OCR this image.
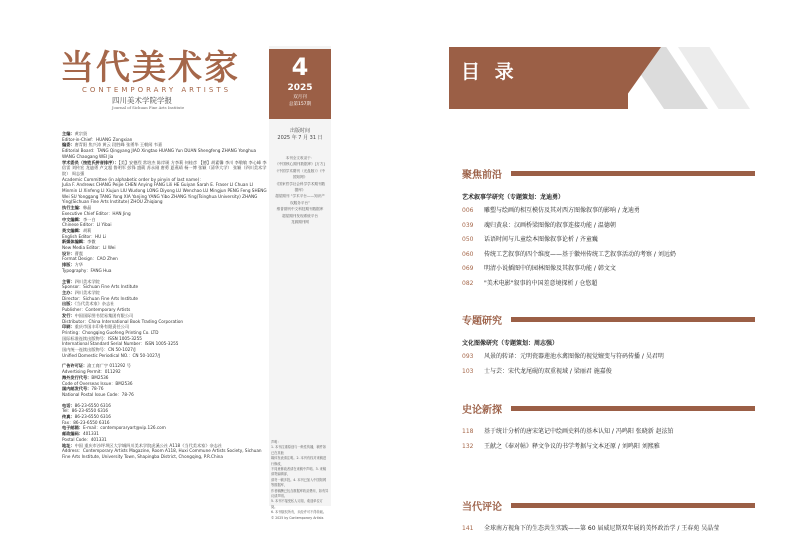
当代美术家
CONTEMPORARY ARTISTS
四川美术学院学报
Journal of Sichuan Fine Arts Institute
主编：黄宗贤
Editor-in-Chief：HUANG Zongxian
编委：唐青阳 焦兴涛 黄云 段胜峰 张勇华 王朝闻 韦嘉
Editorial Board：TANG Qingyang JIAO Xingtao HUANG Yun DUAN Shengfeng ZHANG Yonghua WANG Chaogang WEI Jia
学术委员（按姓氏拼音排序）：【美】安德烈 常培杰 陈岸瑛 方李莉 何桂彦 【德】胡素馨 李川 李敬敏 李心峰 李倍雷 刘传宏 龙迪勇 卢文超 鲁明军 彭锋 盛葳 苏永刚 唐勇 夏燕靖 杨一博 张颖（清华大学） 张颖（四川美术学院） 周志强
Academic Committee (in alphabetic order by pinyin of last name)：
Julia F. Andrews CHANG Peijie CHEN Anying FANG Lili HE Guiyan Sarah E. Fraser LI Chuan LI Minmin LI Xinfeng LI Xiujun LIU Wudong LONG Diyong LU Wenchao LU Mingjun PENG Feng SHENG Wei SU Yonggang TANG Yong XIA Yanjing YANG Yibo ZHANG Ying(Tsinghua University) ZHANG Ying(Sichuan Fine Arts Institute) ZHOU Zhiqiang
执行主编：韩晶
Executive Chief Editor：HAN Jing
中文编辑：李一白
Chinese Editor：LI Yibai
英文编辑：胡莉
English Editor：HU Li
新媒体编辑：李微
New Media Editor：LI Wei
设计：曹震
Format Design：CAO Zhen
排版：方华
Typography：FANG Hua
主管：四川美术学院
Sponsor：Sichuan Fine Arts Institute
主办：四川美术学院
Director：Sichuan Fine Arts Institute
出版：《当代美术家》杂志社
Publisher：Contemporary Artists
发行：中国国际图书贸易集团有限公司
Distributor：China International Book Trading Corporation
印刷：重庆市国丰印务有限责任公司
Printing：Chongqing Guofeng Printing Co. LTD
国际标准连续出版物号：ISSN 1005-3255
International Standard Serial Number：ISSN 1005-3255
国内统一连续出版物号：CN 50-1027/J
Unified Domestic Periodical NO.：CN 50-1027/J
广告许可证：渝工商广字 011292 号
Advertising Permit：011292
海外发行代号：BM2536
Code of Overseas Issue：BM2536
国内邮发代号：78-76
National Postal Issue Code：78-76
电话：86-23-6550 6316
Tel：86-23-6550 6316
传真：86-23-6550 6316
Fax：86-23-6550 6316
电子邮箱：E-mail：contemporaryart@vip.126.com
邮政编码：401331
Postal Code：401331
地址：中国 重庆市沙坪坝区大学城四川美术学院虎溪公社 A118《当代美术家》杂志社
Address：Contemporary Artists Magazine, Room A118, Huxi Commune Artists Society, Sichuan Fine Arts Institute, University Town, Shapingba District, Chongqing, P.R.China
4
2025
双月刊
总第157期
出版时间
2025 年 7 月 31 日
本刊全文收录于：
《中国核心期刊数据库》[万方]
《中国学术期刊（光盘版）》《中国知网》
《国家哲学社会科学学术期刊数据库》
超星期刊 “学术平台——知识产权服务平台”
维普期刊中文科技期刊数据库
超星期刊发现系统平台
龙源期刊网
声明：
1. 本刊注重原创与一般性传播，稿件如已在其他
媒体发表请注明。2. 本刊有权对来稿进行修改，
不同意修改者请在来稿中声明。3. 来稿请寄编辑部，
请勿一稿多投。4. 本刊已加入中国知网等数据库，
作者稿酬已包含数据库收录费用，如有异议请声明。
5. 本刊不接受私人订阅，欢迎单位订阅。
6. 本刊版权所有，未经许可不得转载。
© 2025 by Contemporary Artists
目 录
聚焦前沿
艺术叙事学研究（专题策划：龙迪勇）
006 雕塑与绘画的相互模仿及其对西方图像叙事的影响 / 龙迪勇
039 魂归黄泉：汉画桥梁图像的叙事连接功能 / 温德朝
050 话语时间与儿童绘本图像叙事论析 / 齐童巍
060 传统工艺叙事的四个维度——基于徽州传统工艺叙事活动的考察 / 刘远奶
069 明清小说插图中的园林图像及其叙事功能 / 韩文文
082 "美术电影"叙事的中国差意境探析 / 仓悠超
专题研究
文化图像研究（专题策划：周志强）
093 风景的转译：元明瓷器莲池水禽图像的视觉嬗变与符码传播 / 吴君明
103 士与芸：宋代龙尾砚的双重视域 / 梁丽君 施嘉俊
史论新探
118 基于统计分析的唐宋笔记中绘画史料的基本认知 / 冯鸣阳 张晓新 赵泫铂
132 王献之《奉对帖》释文争议的书学考据与文本还原 / 刘鸣阳 刘熙雅
当代评论
141 全球南方视角下的生态共生实践——第 60 届威尼斯双年展的美怀政治学 / 王春苑 吴晶莹
